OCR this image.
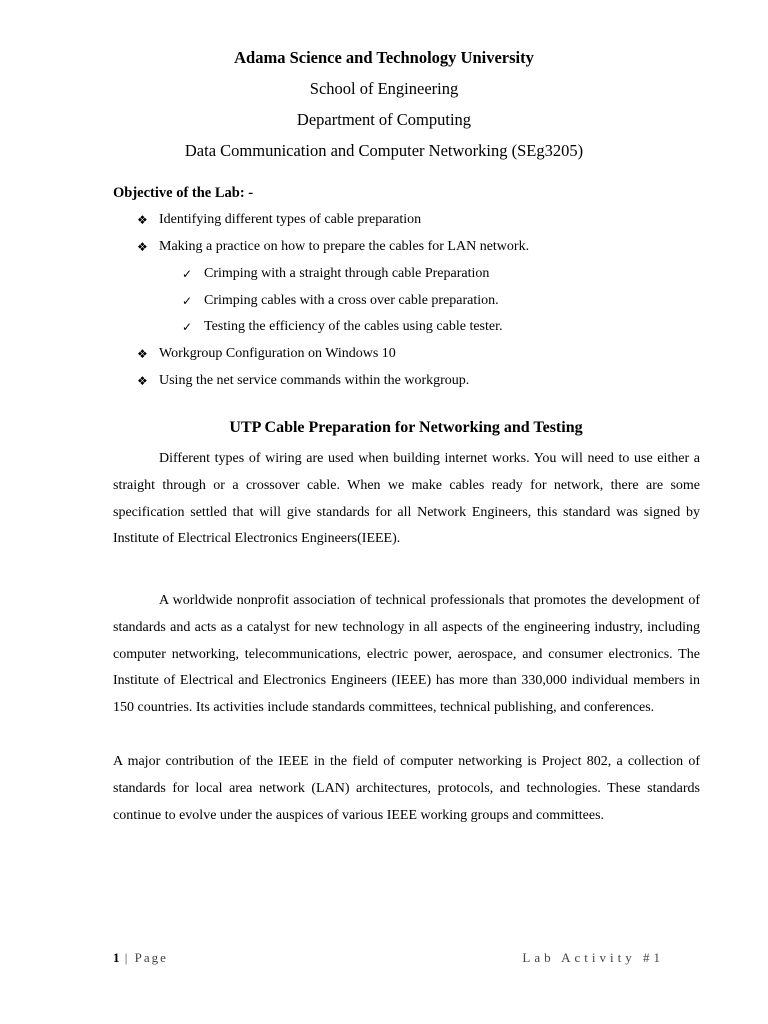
Adama Science and Technology University
School of Engineering
Department of Computing
Data Communication and Computer Networking (SEg3205)
Objective of the Lab: -
❖ Identifying different types of cable preparation
❖ Making a practice on how to prepare the cables for LAN network.
✓ Crimping with a straight through cable Preparation
✓ Crimping cables with a cross over cable preparation.
✓ Testing the efficiency of the cables using cable tester.
❖ Workgroup Configuration on Windows 10
❖ Using the net service commands within the workgroup.
UTP Cable Preparation for Networking and Testing

Different types of wiring are used when building internet works. You will need to use either a straight through or a crossover cable. When we make cables ready for network, there are some specification settled that will give standards for all Network Engineers, this standard was signed by Institute of Electrical Electronics Engineers(IEEE).

A worldwide nonprofit association of technical professionals that promotes the development of standards and acts as a catalyst for new technology in all aspects of the engineering industry, including computer networking, telecommunications, electric power, aerospace, and consumer electronics. The Institute of Electrical and Electronics Engineers (IEEE) has more than 330,000 individual members in 150 countries. Its activities include standards committees, technical publishing, and conferences.

A major contribution of the IEEE in the field of computer networking is Project 802, a collection of standards for local area network (LAN) architectures, protocols, and technologies. These standards continue to evolve under the auspices of various IEEE working groups and committees.

1 | Page	Lab Activity #1
